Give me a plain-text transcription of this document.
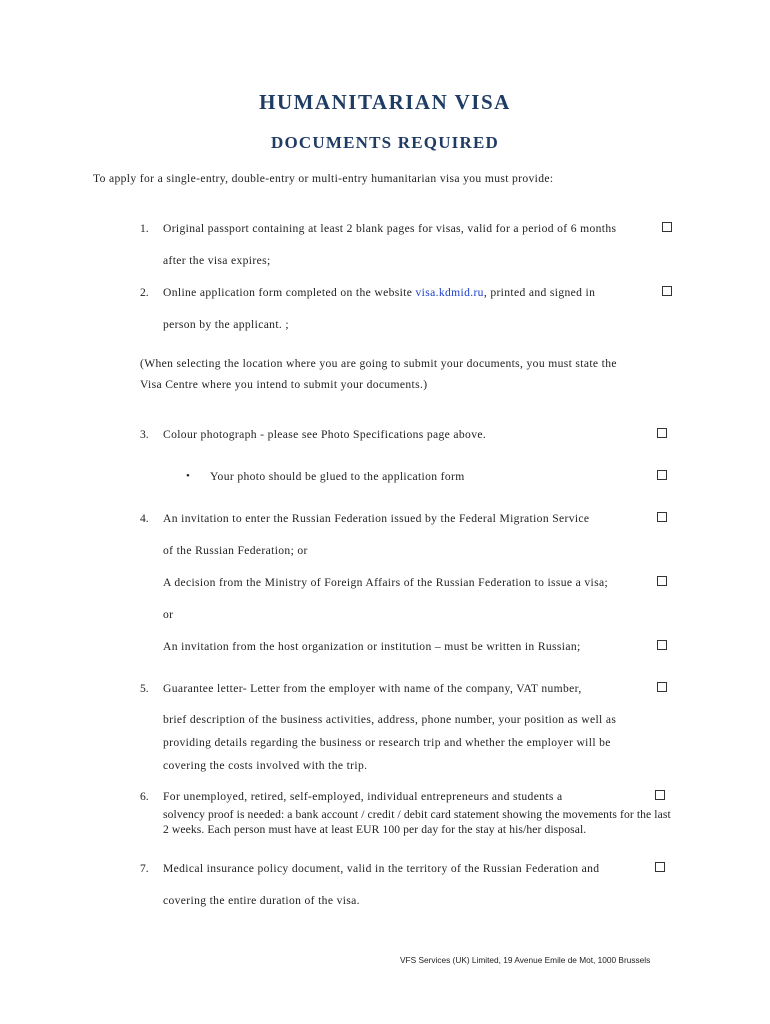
HUMANITARIAN VISA
DOCUMENTS REQUIRED
To apply for a single-entry, double-entry or multi-entry humanitarian visa you must provide:
1. Original passport containing at least 2 blank pages for visas, valid for a period of 6 months
after the visa expires;
2. Online application form completed on the website visa.kdmid.ru, printed and signed in
person by the applicant. ;
(When selecting the location where you are going to submit your documents, you must state the
Visa Centre where you intend to submit your documents.)
3. Colour photograph - please see Photo Specifications page above.
• Your photo should be glued to the application form
4. An invitation to enter the Russian Federation issued by the Federal Migration Service
of the Russian Federation; or
A decision from the Ministry of Foreign Affairs of the Russian Federation to issue a visa;
or
An invitation from the host organization or institution – must be written in Russian;
5. Guarantee letter- Letter from the employer with name of the company, VAT number,
brief description of the business activities, address, phone number, your position as well as
providing details regarding the business or research trip and whether the employer will be
covering the costs involved with the trip.
6. For unemployed, retired, self-employed, individual entrepreneurs and students a
solvency proof is needed: a bank account / credit / debit card statement showing the movements for the last 2 weeks. Each person must have at least EUR 100 per day for the stay at his/her disposal.
7. Medical insurance policy document, valid in the territory of the Russian Federation and
covering the entire duration of the visa.
VFS Services (UK) Limited, 19 Avenue Emile de Mot, 1000 Brussels
